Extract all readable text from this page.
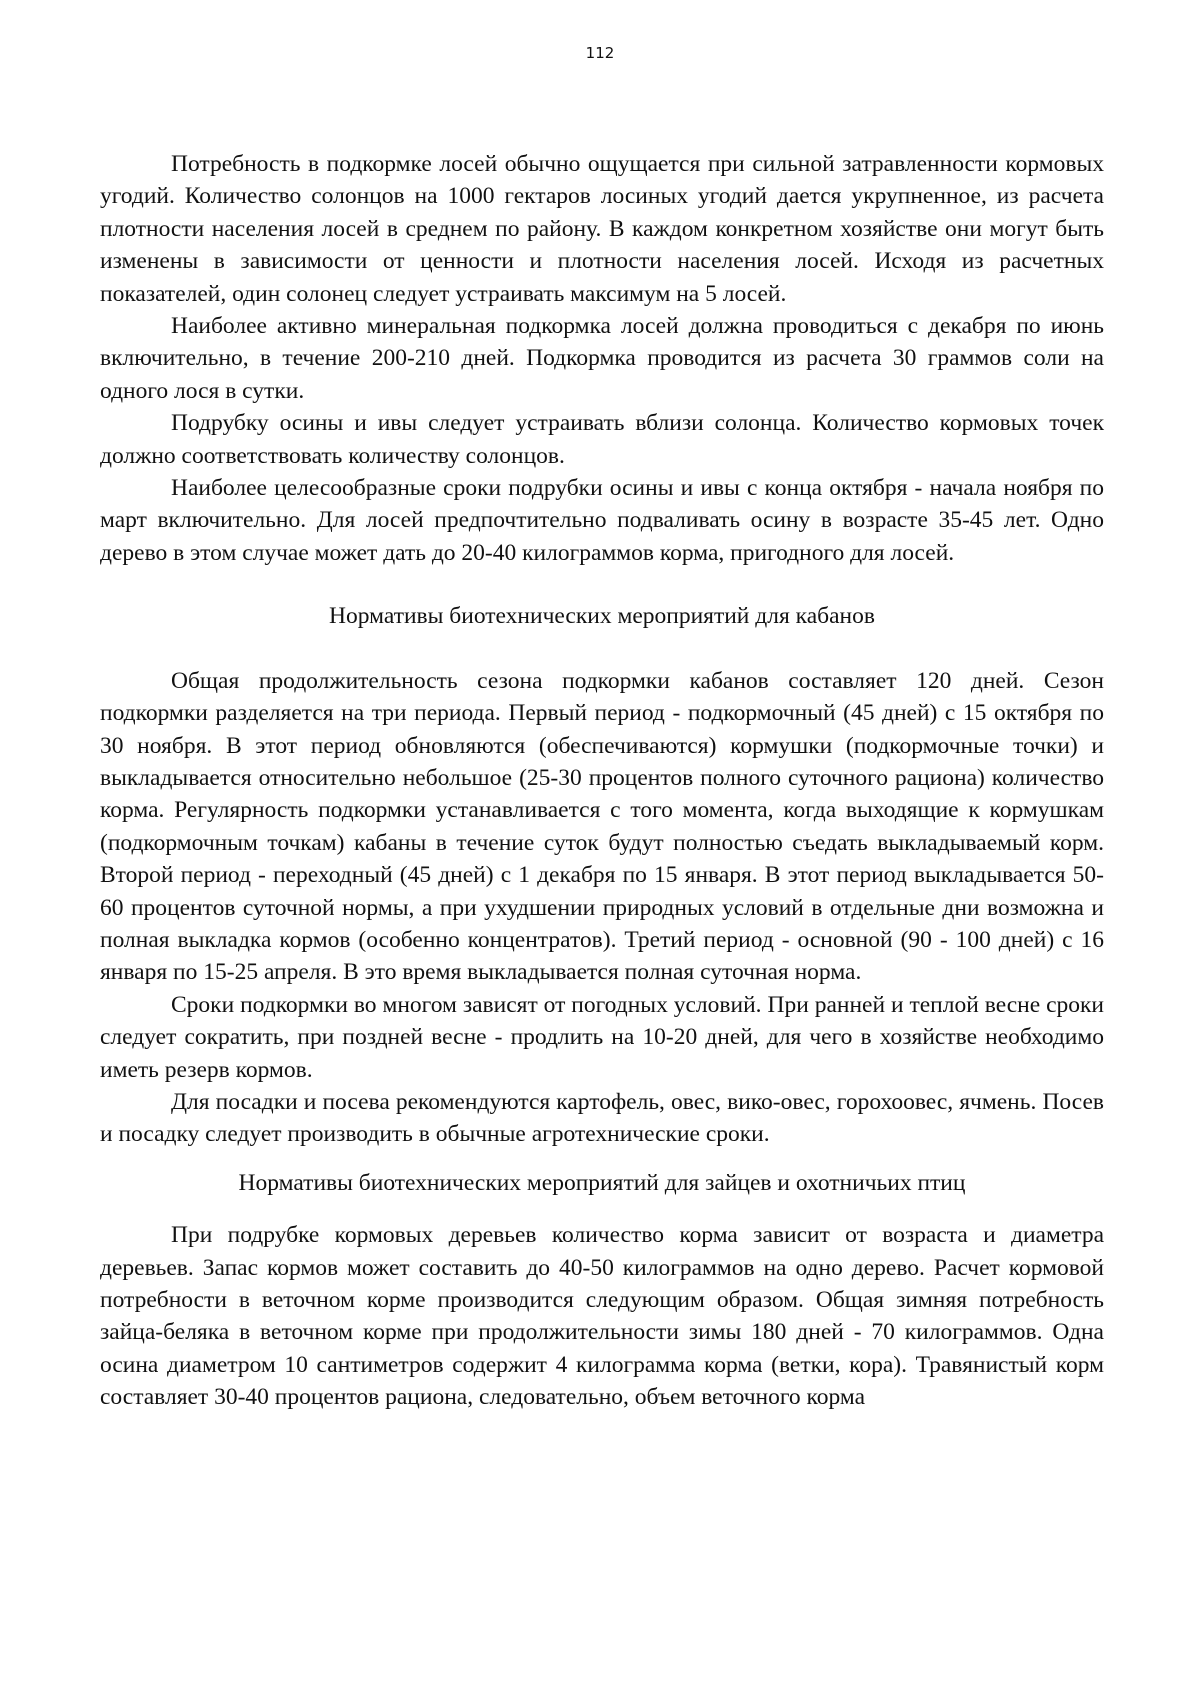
112

Потребность в подкормке лосей обычно ощущается при сильной затравленности кормовых угодий. Количество солонцов на 1000 гектаров лосиных угодий дается укрупненное, из расчета плотности населения лосей в среднем по району. В каждом конкретном хозяйстве они могут быть изменены в зависимости от ценности и плотности населения лосей. Исходя из расчетных показателей, один солонец следует устраивать максимум на 5 лосей.

Наиболее активно минеральная подкормка лосей должна проводиться с декабря по июнь включительно, в течение 200-210 дней. Подкормка проводится из расчета 30 граммов соли на одного лося в сутки.

Подрубку осины и ивы следует устраивать вблизи солонца. Количество кормовых точек должно соответствовать количеству солонцов.

Наиболее целесообразные сроки подрубки осины и ивы с конца октября - начала ноября по март включительно. Для лосей предпочтительно подваливать осину в возрасте 35-45 лет. Одно дерево в этом случае может дать до 20-40 килограммов корма, пригодного для лосей.

Нормативы биотехнических мероприятий для кабанов

Общая продолжительность сезона подкормки кабанов составляет 120 дней. Сезон подкормки разделяется на три периода. Первый период - подкормочный (45 дней) с 15 октября по 30 ноября. В этот период обновляются (обеспечиваются) кормушки (подкормочные точки) и выкладывается относительно небольшое (25-30 процентов полного суточного рациона) количество корма. Регулярность подкормки устанавливается с того момента, когда выходящие к кормушкам (подкормочным точкам) кабаны в течение суток будут полностью съедать выкладываемый корм. Второй период - переходный (45 дней) с 1 декабря по 15 января. В этот период выкладывается 50-60 процентов суточной нормы, а при ухудшении природных условий в отдельные дни возможна и полная выкладка кормов (особенно концентратов). Третий период - основной (90 - 100 дней) с 16 января по 15-25 апреля. В это время выкладывается полная суточная норма.

Сроки подкормки во многом зависят от погодных условий. При ранней и теплой весне сроки следует сократить, при поздней весне - продлить на 10-20 дней, для чего в хозяйстве необходимо иметь резерв кормов.

Для посадки и посева рекомендуются картофель, овес, вико-овес, горохоовес, ячмень. Посев и посадку следует производить в обычные агротехнические сроки.

Нормативы биотехнических мероприятий для зайцев и охотничьих птиц

При подрубке кормовых деревьев количество корма зависит от возраста и диаметра деревьев. Запас кормов может составить до 40-50 килограммов на одно дерево. Расчет кормовой потребности в веточном корме производится следующим образом. Общая зимняя потребность зайца-беляка в веточном корме при продолжительности зимы 180 дней - 70 килограммов. Одна осина диаметром 10 сантиметров содержит 4 килограмма корма (ветки, кора). Травянистый корм составляет 30-40 процентов рациона, следовательно, объем веточного корма
